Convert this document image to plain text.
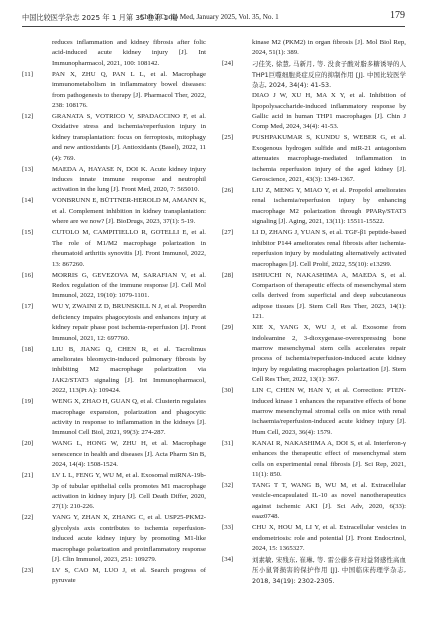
中国比较医学杂志 2025 年 1 月第 35 卷第 1 期
Chin J Comp Med, January 2025, Vol. 35, No. 1	179
reduces inflammation and kidney fibrosis after folic acid-induced acute kidney injury [J]. Int Immunopharmacol, 2021, 100: 108142.
[11]	PAN X, ZHU Q, PAN L L, et al. Macrophage immunometabolism in inflammatory bowel diseases: from pathogenesis to therapy [J]. Pharmacol Ther, 2022, 238: 108176.
[12]	GRANATA S, VOTRICO V, SPADACCINO F, et al. Oxidative stress and ischemia/reperfusion injury in kidney transplantation: focus on ferroptosis, mitophagy and new antioxidants [J]. Antioxidants (Basel), 2022, 11 (4): 769.
[13]	MAEDA A, HAYASE N, DOI K. Acute kidney injury induces innate immune response and neutrophil activation in the lung [J]. Front Med, 2020, 7: 565010.
[14]	VONBRUNN E, BÜTTNER-HEROLD M, AMANN K, et al. Complement inhibition in kidney transplantation: where are we now? [J]. BioDrugs, 2023, 37(1): 5-19.
[15]	CUTOLO M, CAMPITIELLO R, GOTELLI E, et al. The role of M1/M2 macrophage polarization in rheumatoid arthritis synovitis [J]. Front Immunol, 2022, 13: 867260.
[16]	MORRIS G, GEVEZOVA M, SARAFIAN V, et al. Redox regulation of the immune response [J]. Cell Mol Immunol, 2022, 19(10): 1079-1101.
[17]	WU Y, ZWAINI Z D, BRUNSKILL N J, et al. Properdin deficiency impairs phagocytosis and enhances injury at kidney repair phase post ischemia-reperfusion [J]. Front Immunol, 2021, 12: 697760.
[18]	LIU B, JIANG Q, CHEN R, et al. Tacrolimus ameliorates bleomycin-induced pulmonary fibrosis by inhibiting M2 macrophage polarization via JAK2/STAT3 signaling [J]. Int Immunopharmacol, 2022, 113(Pt A): 109424.
[19]	WENG X, ZHAO H, GUAN Q, et al. Clusterin regulates macrophage expansion, polarization and phagocytic activity in response to inflammation in the kidneys [J]. Immunol Cell Biol, 2021, 99(3): 274-287.
[20]	WANG L, HONG W, ZHU H, et al. Macrophage senescence in health and diseases [J]. Acta Pharm Sin B, 2024, 14(4): 1508-1524.
[21]	LV L L, FENG Y, WU M, et al. Exosomal miRNA-19b-3p of tubular epithelial cells promotes M1 macrophage activation in kidney injury [J]. Cell Death Differ, 2020, 27(1): 210-226.
[22]	YANG Y, ZHAN X, ZHANG C, et al. USP25-PKM2-glycolysis axis contributes to ischemia reperfusion-induced acute kidney injury by promoting M1-like macrophage polarization and proinflammatory response [J]. Clin Immunol, 2023, 251: 109279.
[23]	LV S, CAO M, LUO J, et al. Search progress of pyruvate
kinase M2 (PKM2) in organ fibrosis [J]. Mol Biol Rep, 2024, 51(1): 389.
[24]	刁佳笑, 徐慧, 马新月, 等. 没食子酸对脂多糖诱导的人THP1巨噬细胞炎症反应的抑制作用 [J]. 中国比较医学杂志, 2024, 34(4): 41-53.
DIAO J W, XU H, MA X Y, et al. Inhibition of lipopolysaccharide-induced inflammatory response by Gallic acid in human THP1 macrophages [J]. Chin J Comp Med, 2024, 34(4): 41-53.
[25]	PUSHPAKUMAR S, KUNDU S, WEBER G, et al. Exogenous hydrogen sulfide and miR-21 antagonism attenuates macrophage-mediated inflammation in ischemia reperfusion injury of the aged kidney [J]. Geroscience, 2021, 43(3): 1349-1367.
[26]	LIU Z, MENG Y, MIAO Y, et al. Propofol ameliorates renal ischemia/reperfusion injury by enhancing macrophage M2 polarization through PPARγ/STAT3 signaling [J]. Aging, 2021, 13(11): 15511-15522.
[27]	LI D, ZHANG J, YUAN S, et al. TGF-β1 peptide-based inhibitor P144 ameliorates renal fibrosis after ischemia-reperfusion injury by modulating alternatively activated macrophages [J]. Cell Prolif, 2022, 55(10): e13299.
[28]	ISHIUCHI N, NAKASHIMA A, MAEDA S, et al. Comparison of therapeutic effects of mesenchymal stem cells derived from superficial and deep subcutaneous adipose tissues [J]. Stem Cell Res Ther, 2023, 14(1): 121.
[29]	XIE X, YANG X, WU J, et al. Exosome from indoleamine 2, 3-dioxygenase-overexpressing bone marrow mesenchymal stem cells accelerates repair process of ischemia/reperfusion-induced acute kidney injury by regulating macrophages polarization [J]. Stem Cell Res Ther, 2022, 13(1): 367.
[30]	LIN C, CHEN W, HAN Y, et al. Correction: PTEN-induced kinase 1 enhances the reparative effects of bone marrow mesenchymal stromal cells on mice with renal ischaemia/reperfusion-induced acute kidney injury [J]. Hum Cell, 2023, 36(4): 1579.
[31]	KANAI R, NAKASHIMA A, DOI S, et al. Interferon-γ enhances the therapeutic effect of mesenchymal stem cells on experimental renal fibrosis [J]. Sci Rep, 2021, 11(1): 850.
[32]	TANG T T, WANG B, WU M, et al. Extracellular vesicle-encapsulated IL-10 as novel nanotherapeutics against ischemic AKI [J]. Sci Adv, 2020, 6(33): eaaz0748.
[33]	CHU X, HOU M, LI Y, et al. Extracellular vesicles in endometriosis: role and potential [J]. Front Endocrinol, 2024, 15: 1365327.
[34]	刘素敏, 宋残东, 崔琳, 等. 雷公藤多苷对益肾感性高血压小鼠肾损害的保护作用 [J]. 中国临床药理学杂志, 2018, 34(19): 2302-2305.
